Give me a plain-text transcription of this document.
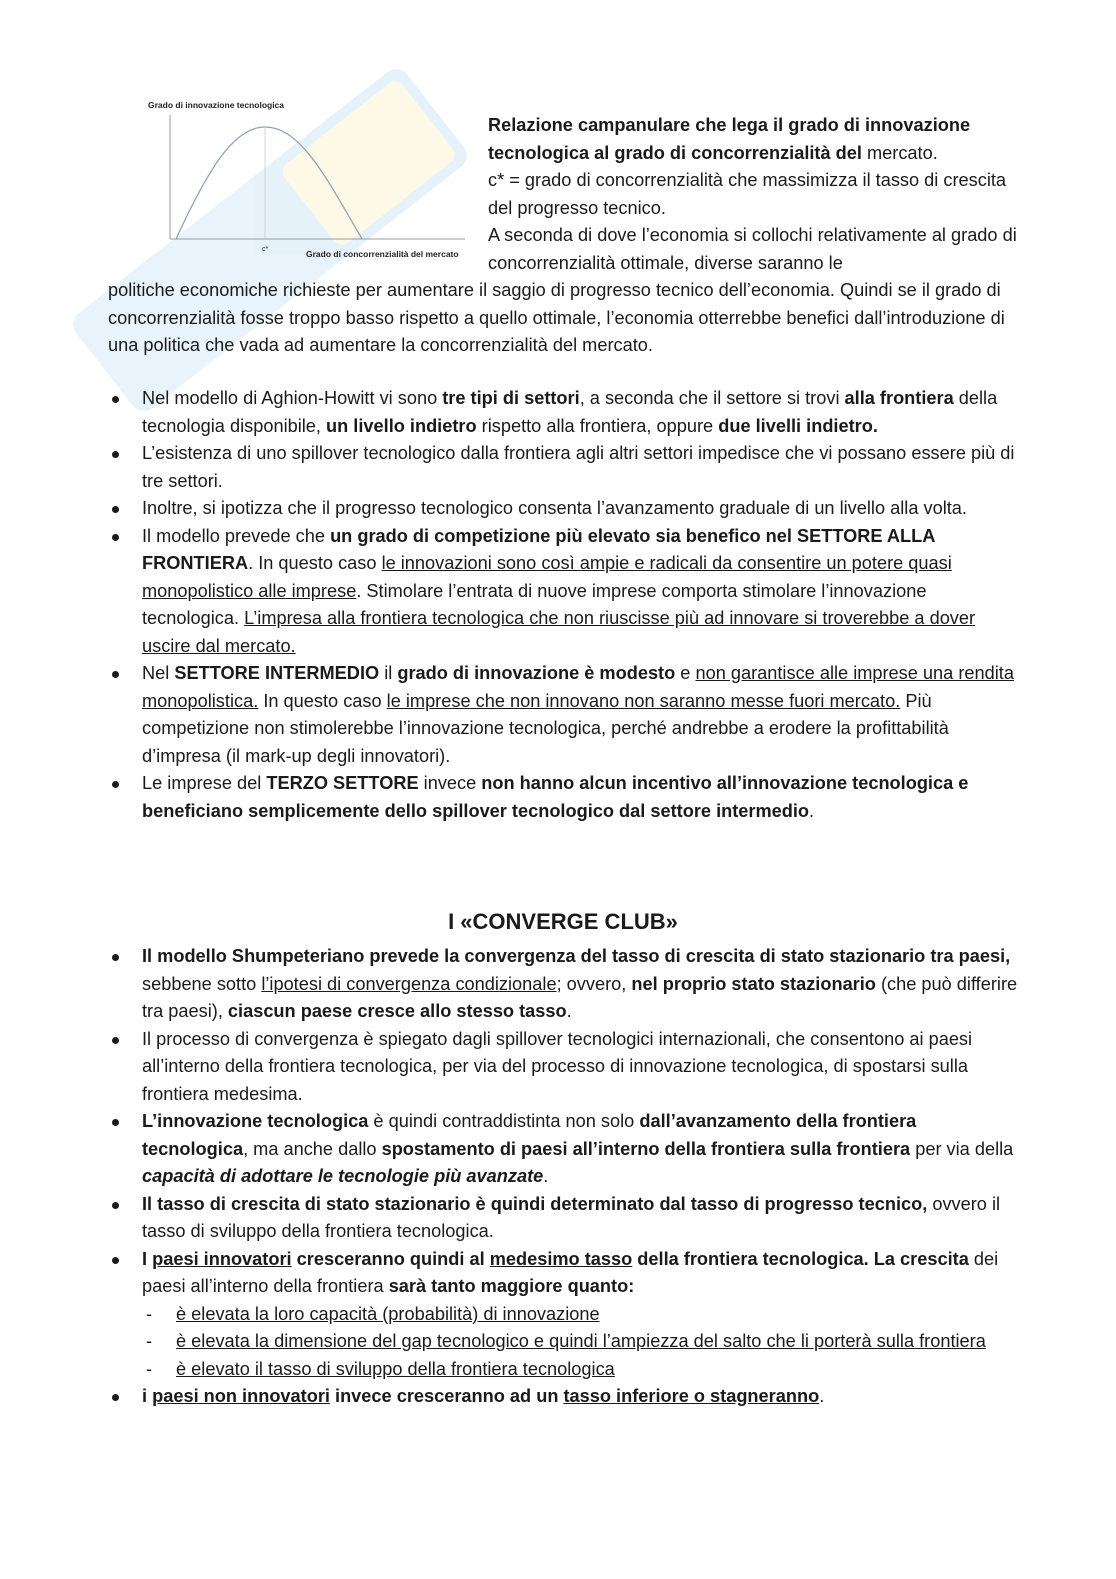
Grado di innovazione tecnologica
c*	Grado di concorrenzialità del mercato
Relazione campanulare che lega il grado di innovazione tecnologica al grado di concorrenzialità del mercato.
c* = grado di concorrenzialità che massimizza il tasso di crescita del progresso tecnico.
A seconda di dove l’economia si collochi relativamente al grado di concorrenzialità ottimale, diverse saranno le
politiche economiche richieste per aumentare il saggio di progresso tecnico dell’economia. Quindi se il grado di concorrenzialità fosse troppo basso rispetto a quello ottimale, l’economia otterrebbe benefici dall’introduzione di una politica che vada ad aumentare la concorrenzialità del mercato.
Nel modello di Aghion-Howitt vi sono tre tipi di settori, a seconda che il settore si trovi alla frontiera della tecnologia disponibile, un livello indietro rispetto alla frontiera, oppure due livelli indietro.
L’esistenza di uno spillover tecnologico dalla frontiera agli altri settori impedisce che vi possano essere più di tre settori.
Inoltre, si ipotizza che il progresso tecnologico consenta l’avanzamento graduale di un livello alla volta.
Il modello prevede che un grado di competizione più elevato sia benefico nel SETTORE ALLA FRONTIERA. In questo caso le innovazioni sono così ampie e radicali da consentire un potere quasi monopolistico alle imprese. Stimolare l’entrata di nuove imprese comporta stimolare l’innovazione tecnologica. L’impresa alla frontiera tecnologica che non riuscisse più ad innovare si troverebbe a dover uscire dal mercato.
Nel SETTORE INTERMEDIO il grado di innovazione è modesto e non garantisce alle imprese una rendita monopolistica. In questo caso le imprese che non innovano non saranno messe fuori mercato. Più competizione non stimolerebbe l’innovazione tecnologica, perché andrebbe a erodere la profittabilità d’impresa (il mark-up degli innovatori).
Le imprese del TERZO SETTORE invece non hanno alcun incentivo all’innovazione tecnologica e beneficiano semplicemente dello spillover tecnologico dal settore intermedio.
I «CONVERGE CLUB»
Il modello Shumpeteriano prevede la convergenza del tasso di crescita di stato stazionario tra paesi, sebbene sotto l’ipotesi di convergenza condizionale; ovvero, nel proprio stato stazionario (che può differire tra paesi), ciascun paese cresce allo stesso tasso.
Il processo di convergenza è spiegato dagli spillover tecnologici internazionali, che consentono ai paesi all’interno della frontiera tecnologica, per via del processo di innovazione tecnologica, di spostarsi sulla frontiera medesima.
L’innovazione tecnologica è quindi contraddistinta non solo dall’avanzamento della frontiera tecnologica, ma anche dallo spostamento di paesi all’interno della frontiera sulla frontiera per via della capacità di adottare le tecnologie più avanzate.
Il tasso di crescita di stato stazionario è quindi determinato dal tasso di progresso tecnico, ovvero il tasso di sviluppo della frontiera tecnologica.
I paesi innovatori cresceranno quindi al medesimo tasso della frontiera tecnologica. La crescita dei paesi all’interno della frontiera sarà tanto maggiore quanto:
- è elevata la loro capacità (probabilità) di innovazione
- è elevata la dimensione del gap tecnologico e quindi l’ampiezza del salto che li porterà sulla frontiera
- è elevato il tasso di sviluppo della frontiera tecnologica
i paesi non innovatori invece cresceranno ad un tasso inferiore o stagneranno.
